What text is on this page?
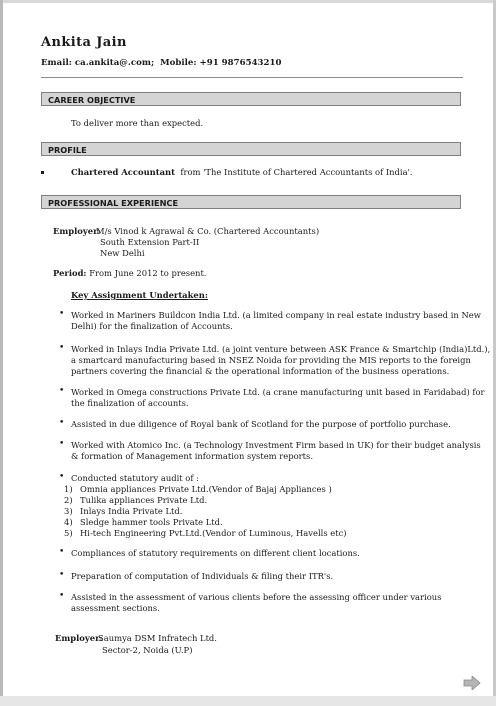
Ankita Jain
Email: ca.ankita@.com;  Mobile: +91 9876543210
CAREER OBJECTIVE
To deliver more than expected.
PROFILE
Chartered Accountant from 'The Institute of Chartered Accountants of India'.
PROFESSIONAL EXPERIENCE
Employer:
M/s Vinod k Agrawal & Co. (Chartered Accountants)
South Extension Part-II
New Delhi
Period: From June 2012 to present.
Key Assignment Undertaken:
• Worked in Mariners Buildcon India Ltd. (a limited company in real estate industry based in New
Delhi) for the finalization of Accounts.
• Worked in Inlays India Private Ltd. (a joint venture between ASK France & Smartchip (India)Ltd.),
a smartcard manufacturing based in NSEZ Noida for providing the MIS reports to the foreign
partners covering the financial & the operational information of the business operations.
• Worked in Omega constructions Private Ltd. (a crane manufacturing unit based in Faridabad) for
the finalization of accounts.
• Assisted in due diligence of Royal bank of Scotland for the purpose of portfolio purchase.
• Worked with Atomico Inc. (a Technology Investment Firm based in UK) for their budget analysis
& formation of Management information system reports.
• Conducted statutory audit of :
1) Omnia appliances Private Ltd.(Vendor of Bajaj Appliances )
2) Tulika appliances Private Ltd.
3) Inlays India Private Ltd.
4) Sledge hammer tools Private Ltd.
5) Hi-tech Engineering Pvt.Ltd.(Vendor of Luminous, Havells etc)
• Compliances of statutory requirements on different client locations.
• Preparation of computation of Individuals & filing their ITR's.
• Assisted in the assessment of various clients before the assessing officer under various
assessment sections.
Employer:
Saumya DSM Infratech Ltd.
Sector-2, Noida (U.P)
